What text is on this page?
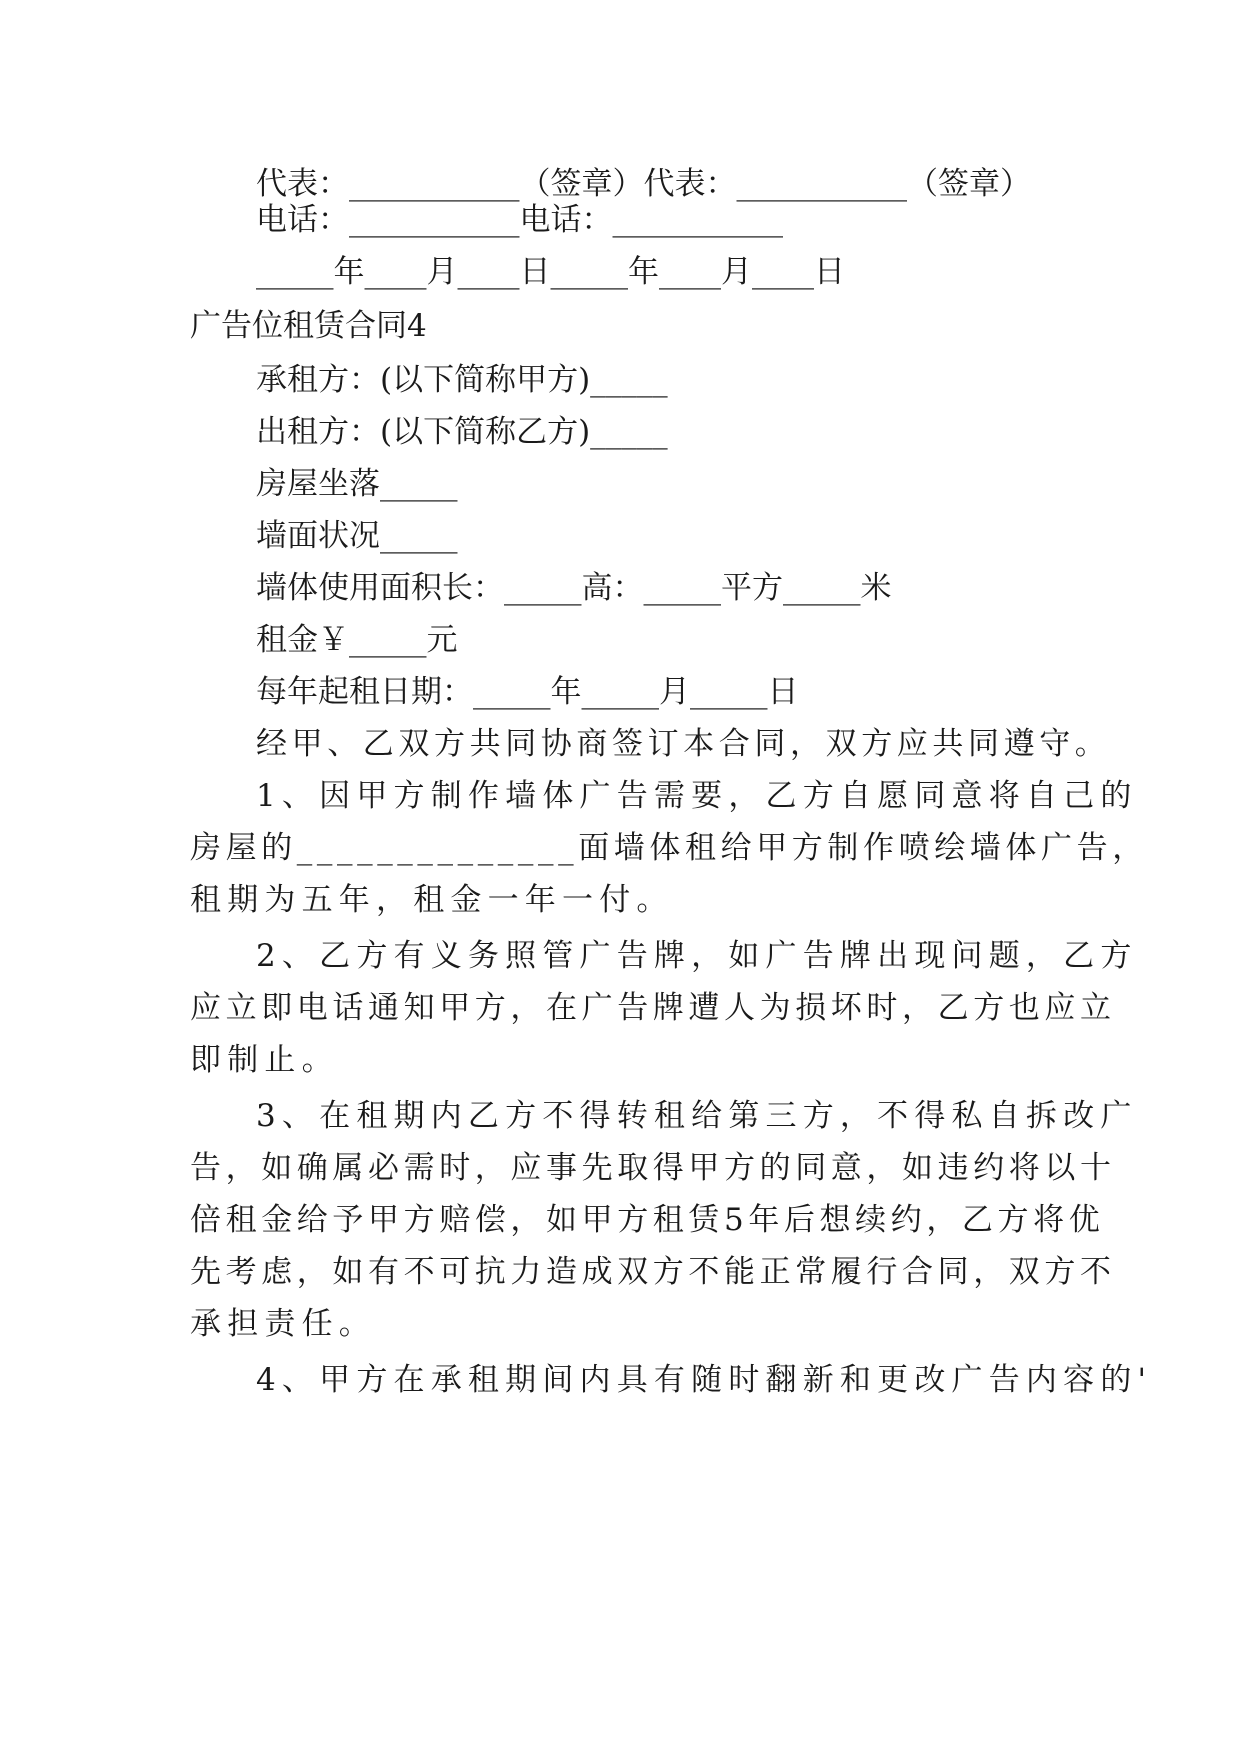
代表：___________（签章）代表：___________（签章）
电话：___________电话：___________
_____年____月____日_____年____月____日
广告位租赁合同4
承租方：(以下简称甲方)_____
出租方：(以下简称乙方)_____
房屋坐落_____
墙面状况_____
墙体使用面积长：_____高：_____平方_____米
租金￥_____元
每年起租日期：_____年_____月_____日
经甲、乙双方共同协商签订本合同，双方应共同遵守。
1、因甲方制作墙体广告需要，乙方自愿同意将自己的
房屋的______________面墙体租给甲方制作喷绘墙体广告，
租期为五年，租金一年一付。
2、乙方有义务照管广告牌，如广告牌出现问题，乙方
应立即电话通知甲方，在广告牌遭人为损坏时，乙方也应立
即制止。
3、在租期内乙方不得转租给第三方，不得私自拆改广
告，如确属必需时，应事先取得甲方的同意，如违约将以十
倍租金给予甲方赔偿，如甲方租赁5年后想续约，乙方将优
先考虑，如有不可抗力造成双方不能正常履行合同，双方不
承担责任。
4、甲方在承租期间内具有随时翻新和更改广告内容的'
